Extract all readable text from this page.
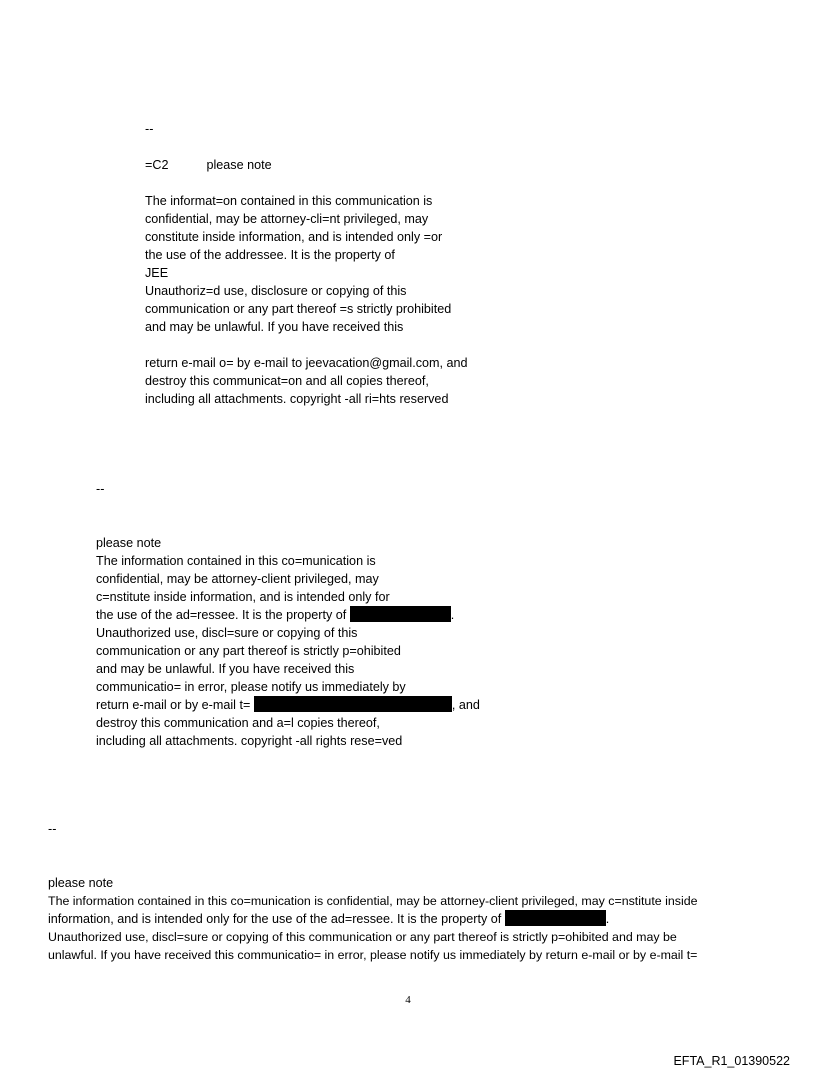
--
=C2	please note
The informat=on contained in this communication is
confidential, may be attorney-cli=nt privileged, may
constitute inside information, and is intended only =or
the use of the addressee. It is the property of
JEE
Unauthoriz=d use, disclosure or copying of this
communication or any part thereof =s strictly prohibited
and may be unlawful. If you have received this
return e-mail o= by e-mail to jeevacation@gmail.com, and
destroy this communicat=on and all copies thereof,
including all attachments. copyright -all ri=hts reserved
--
please note
The information contained in this co=munication is
confidential, may be attorney-client privileged, may
c=nstitute inside information, and is intended only for
the use of the ad=ressee. It is the property of	.
Unauthorized use, discl=sure or copying of this
communication or any part thereof is strictly p=ohibited
and may be unlawful. If you have received this
communicatio= in error, please notify us immediately by
return e-mail or by e-mail t=	, and
destroy this communication and a=l copies thereof,
including all attachments. copyright -all rights rese=ved
--
please note
The information contained in this co=munication is confidential, may be attorney-client privileged, may c=nstitute inside
information, and is intended only for the use of the ad=ressee. It is the property of	.
Unauthorized use, discl=sure or copying of this communication or any part thereof is strictly p=ohibited and may be
unlawful. If you have received this communicatio= in error, please notify us immediately by return e-mail or by e-mail t=
4
EFTA_R1_01390522
